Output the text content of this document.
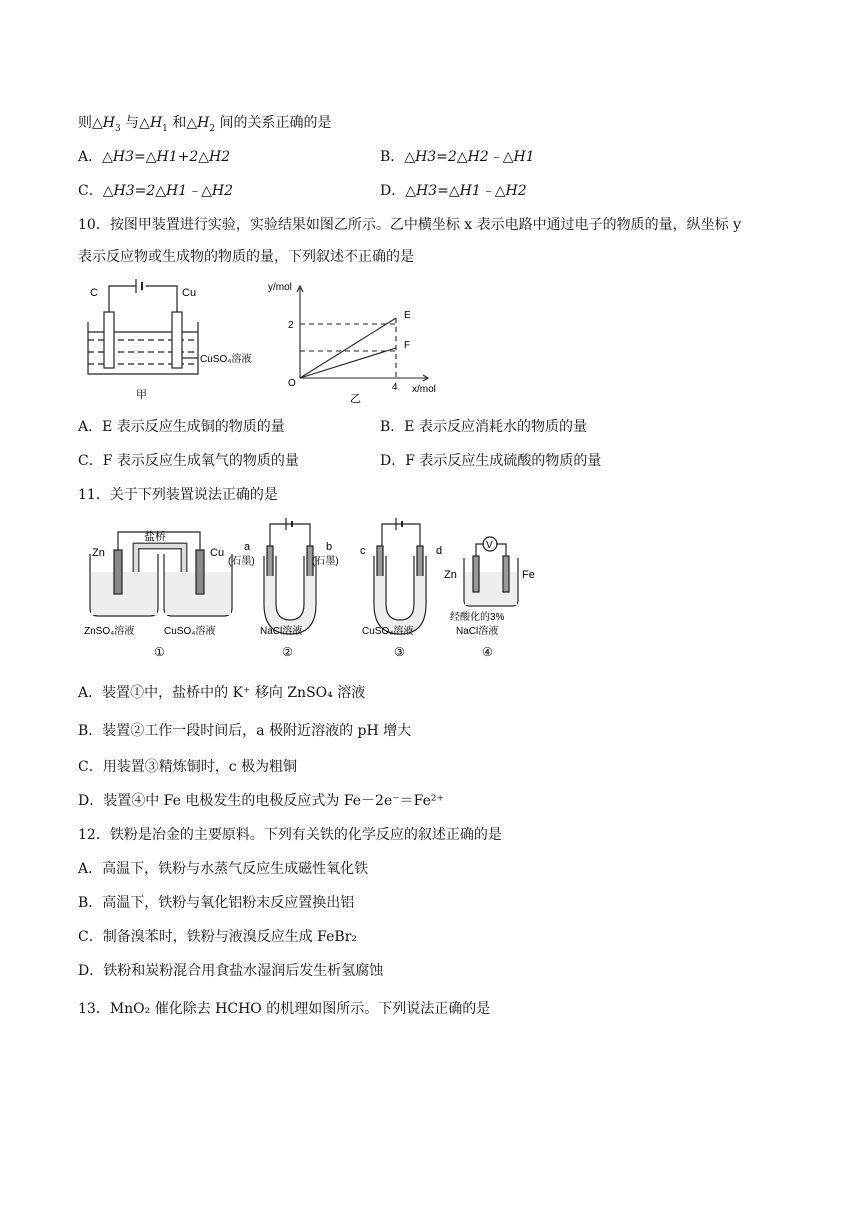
则$\triangle H_3$ 与$\triangle H_1$ 和$\triangle H_2$ 间的关系正确的是
A．△H3=△H1+2△H2	B．△H3=2△H2﹣△H1
C．△H3=2△H1﹣△H2	D．△H3=△H1﹣△H2
10．按图甲装置进行实验，实验结果如图乙所示。乙中横坐标 x 表示电路中通过电子的物质的量，纵坐标 y
表示反应物或生成物的物质的量，下列叙述不正确的是
C	Cu
CuSO₄溶液
甲
y/mol
2
O	4 x/mol
E
F
乙
A．E 表示反应生成铜的物质的量	B．E 表示反应消耗水的物质的量
C．F 表示反应生成氧气的物质的量	D．F 表示反应生成硫酸的物质的量
11．关于下列装置说法正确的是
盐桥
Zn	Cu
ZnSO₄溶液	CuSO₄溶液
①
a
(石墨)
b
(石墨)
NaCl溶液
②
c	d
CuSO₄溶液
③
V
Zn	Fe
经酸化的3%
NaCl溶液
④
A．装置①中，盐桥中的 K⁺ 移向 ZnSO₄ 溶液
B．装置②工作一段时间后，a 极附近溶液的 pH 增大
C．用装置③精炼铜时，c 极为粗铜
D．装置④中 Fe 电极发生的电极反应式为 Fe－2e⁻＝Fe²⁺
12．铁粉是冶金的主要原料。下列有关铁的化学反应的叙述正确的是
A．高温下，铁粉与水蒸气反应生成磁性氧化铁
B．高温下，铁粉与氧化铝粉末反应置换出铝
C．制备溴苯时，铁粉与液溴反应生成 FeBr₂
D．铁粉和炭粉混合用食盐水湿润后发生析氢腐蚀
13．MnO₂ 催化除去 HCHO 的机理如图所示。下列说法正确的是
